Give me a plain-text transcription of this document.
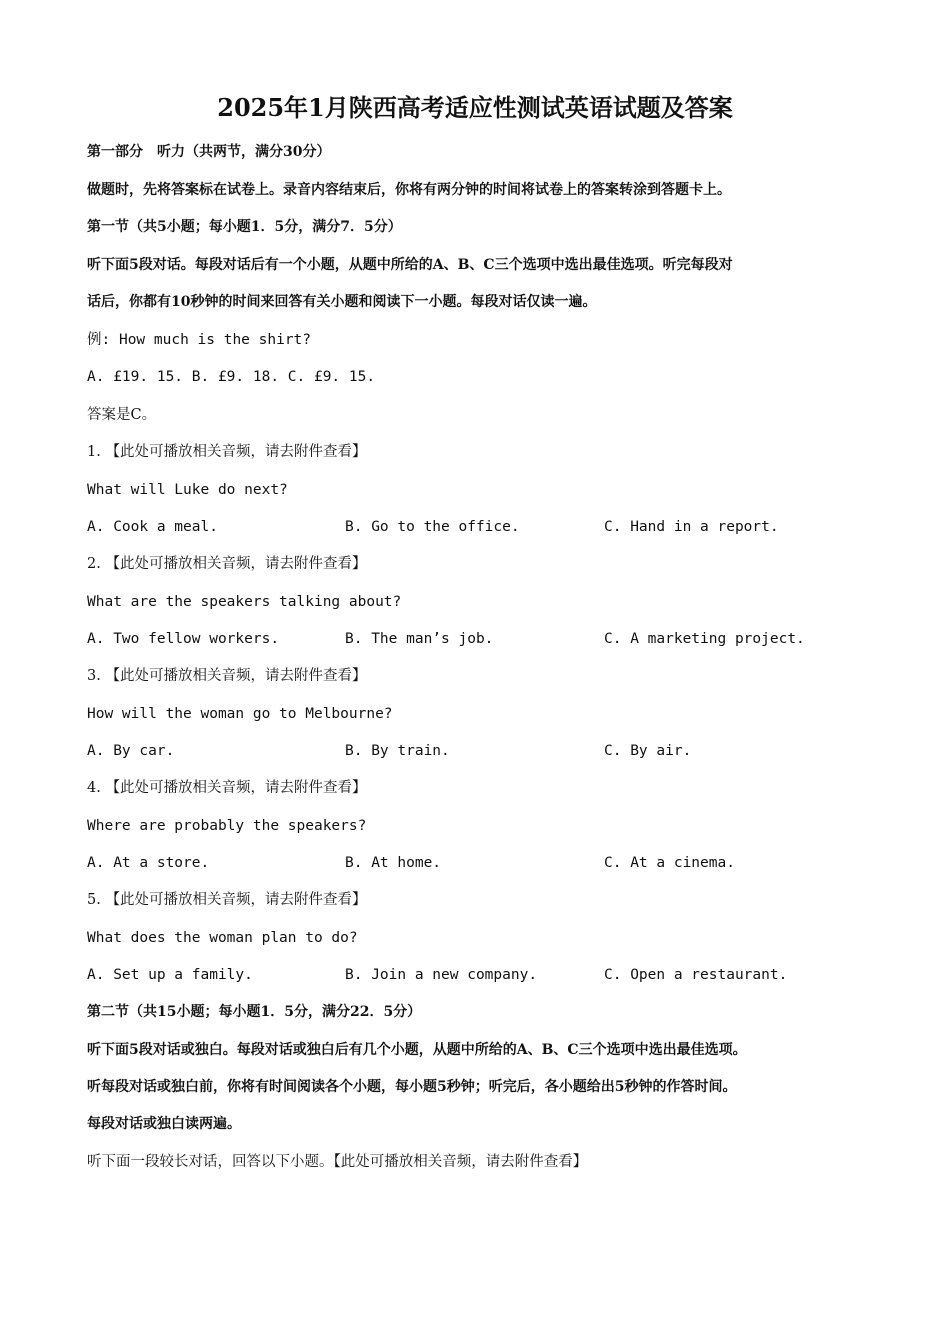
2025年1月陕西高考适应性测试英语试题及答案
第一部分　听力（共两节，满分30分）
做题时，先将答案标在试卷上。录音内容结束后，你将有两分钟的时间将试卷上的答案转涂到答题卡上。
第一节（共5小题；每小题1．5分，满分7．5分）
听下面5段对话。每段对话后有一个小题，从题中所给的A、B、C三个选项中选出最佳选项。听完每段对
话后，你都有10秒钟的时间来回答有关小题和阅读下一小题。每段对话仅读一遍。
例: How much is the shirt?
A. £19. 15. B. £9. 18. C. £9. 15.
答案是C。
1. 【此处可播放相关音频，请去附件查看】
What will Luke do next?
A. Cook a meal.	B. Go to the office.	C. Hand in a report.
2. 【此处可播放相关音频，请去附件查看】
What are the speakers talking about?
A. Two fellow workers.	B. The man’s job.	C. A marketing project.
3. 【此处可播放相关音频，请去附件查看】
How will the woman go to Melbourne?
A. By car.	B. By train.	C. By air.
4. 【此处可播放相关音频，请去附件查看】
Where are probably the speakers?
A. At a store.	B. At home.	C. At a cinema.
5. 【此处可播放相关音频，请去附件查看】
What does the woman plan to do?
A. Set up a family.	B. Join a new company.	C. Open a restaurant.
第二节（共15小题；每小题1．5分，满分22．5分）
听下面5段对话或独白。每段对话或独白后有几个小题，从题中所给的A、B、C三个选项中选出最佳选项。
听每段对话或独白前，你将有时间阅读各个小题，每小题5秒钟；听完后，各小题给出5秒钟的作答时间。
每段对话或独白读两遍。
听下面一段较长对话，回答以下小题。【此处可播放相关音频，请去附件查看】
